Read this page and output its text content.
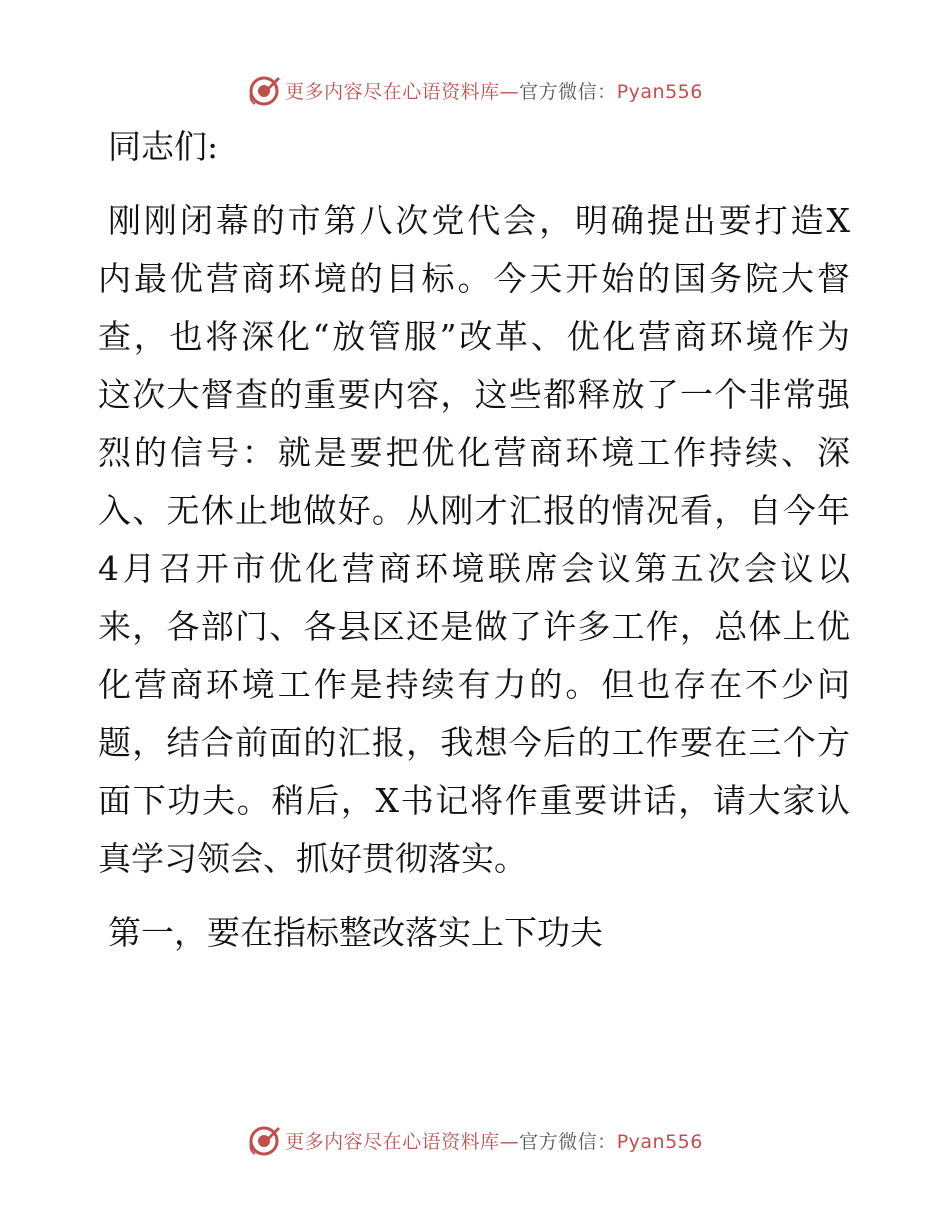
更多内容尽在心语资料库—官方微信：Pyan556
同志们:
刚刚闭幕的市第八次党代会，明确提出要打造X
内最优营商环境的目标。今天开始的国务院大督
查，也将深化“放管服”改革、优化营商环境作为
这次大督查的重要内容，这些都释放了一个非常强
烈的信号：就是要把优化营商环境工作持续、深
入、无休止地做好。从刚才汇报的情况看，自今年
4月召开市优化营商环境联席会议第五次会议以
来，各部门、各县区还是做了许多工作，总体上优
化营商环境工作是持续有力的。但也存在不少问
题，结合前面的汇报，我想今后的工作要在三个方
面下功夫。稍后，X书记将作重要讲话，请大家认
真学习领会、抓好贯彻落实。
第一，要在指标整改落实上下功夫
更多内容尽在心语资料库—官方微信：Pyan556
